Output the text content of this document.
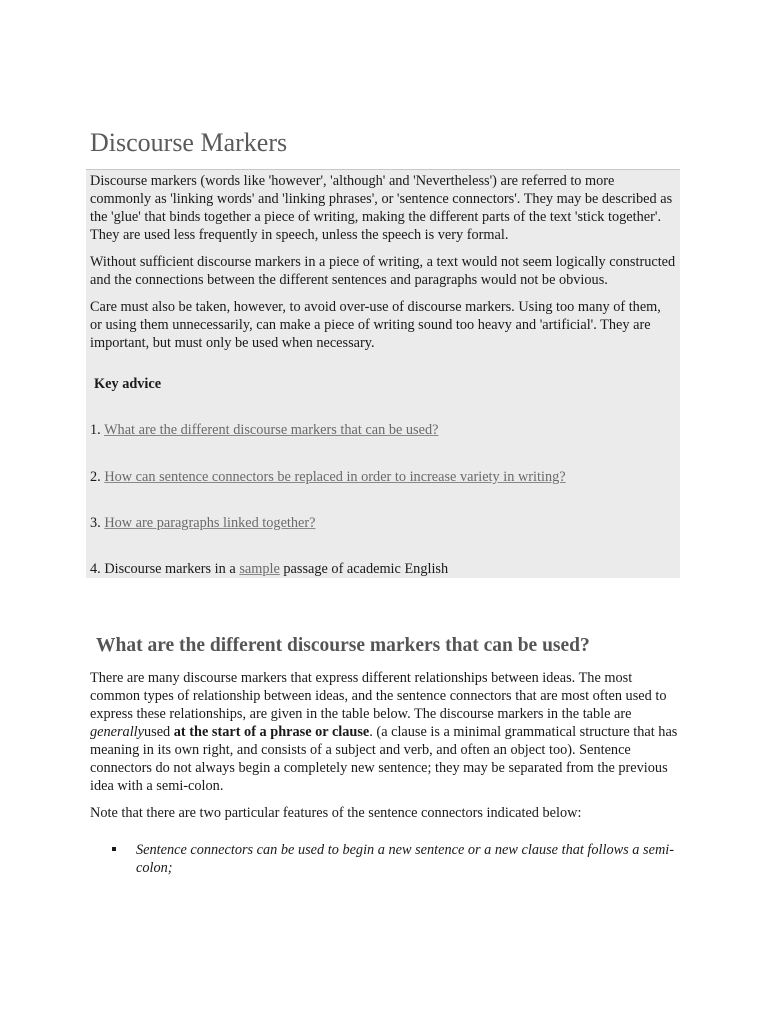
Discourse Markers

Discourse markers (words like 'however', 'although' and 'Nevertheless') are referred to more commonly as 'linking words' and 'linking phrases', or 'sentence connectors'. They may be described as the 'glue' that binds together a piece of writing, making the different parts of the text 'stick together'. They are used less frequently in speech, unless the speech is very formal.

Without sufficient discourse markers in a piece of writing, a text would not seem logically constructed and the connections between the different sentences and paragraphs would not be obvious.

Care must also be taken, however, to avoid over-use of discourse markers. Using too many of them, or using them unnecessarily, can make a piece of writing sound too heavy and 'artificial'. They are important, but must only be used when necessary.

Key advice
1. What are the different discourse markers that can be used?
2. How can sentence connectors be replaced in order to increase variety in writing?
3. How are paragraphs linked together?
4. Discourse markers in a sample passage of academic English
What are the different discourse markers that can be used?

There are many discourse markers that express different relationships between ideas. The most common types of relationship between ideas, and the sentence connectors that are most often used to express these relationships, are given in the table below. The discourse markers in the table are generallyused at the start of a phrase or clause. (a clause is a minimal grammatical structure that has meaning in its own right, and consists of a subject and verb, and often an object too). Sentence connectors do not always begin a completely new sentence; they may be separated from the previous idea with a semi-colon.

Note that there are two particular features of the sentence connectors indicated below:

Sentence connectors can be used to begin a new sentence or a new clause that follows a semi-colon;
